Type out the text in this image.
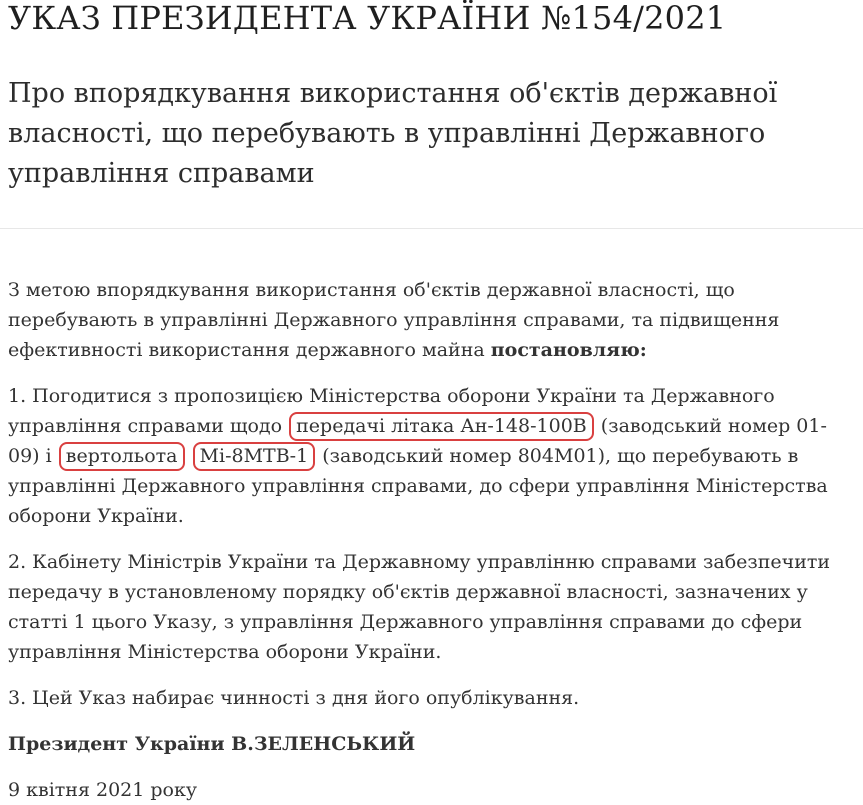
УКАЗ ПРЕЗИДЕНТА УКРАЇНИ №154/2021
Про впорядкування використання об'єктів державної власності, що перебувають в управлінні Державного управління справами

З метою впорядкування використання об'єктів державної власності, що перебувають в управлінні Державного управління справами, та підвищення ефективності використання державного майна постановляю:

1. Погодитися з пропозицією Міністерства оборони України та Державного управління справами щодо передачі літака Ан-148-100В (заводський номер 01-09) і вертольота Мі-8МТВ-1 (заводський номер 804М01), що перебувають в управлінні Державного управління справами, до сфери управління Міністерства оборони України.

2. Кабінету Міністрів України та Державному управлінню справами забезпечити передачу в установленому порядку об'єктів державної власності, зазначених у статті 1 цього Указу, з управління Державного управління справами до сфери управління Міністерства оборони України.

3. Цей Указ набирає чинності з дня його опублікування.

Президент України В.ЗЕЛЕНСЬКИЙ

9 квітня 2021 року
